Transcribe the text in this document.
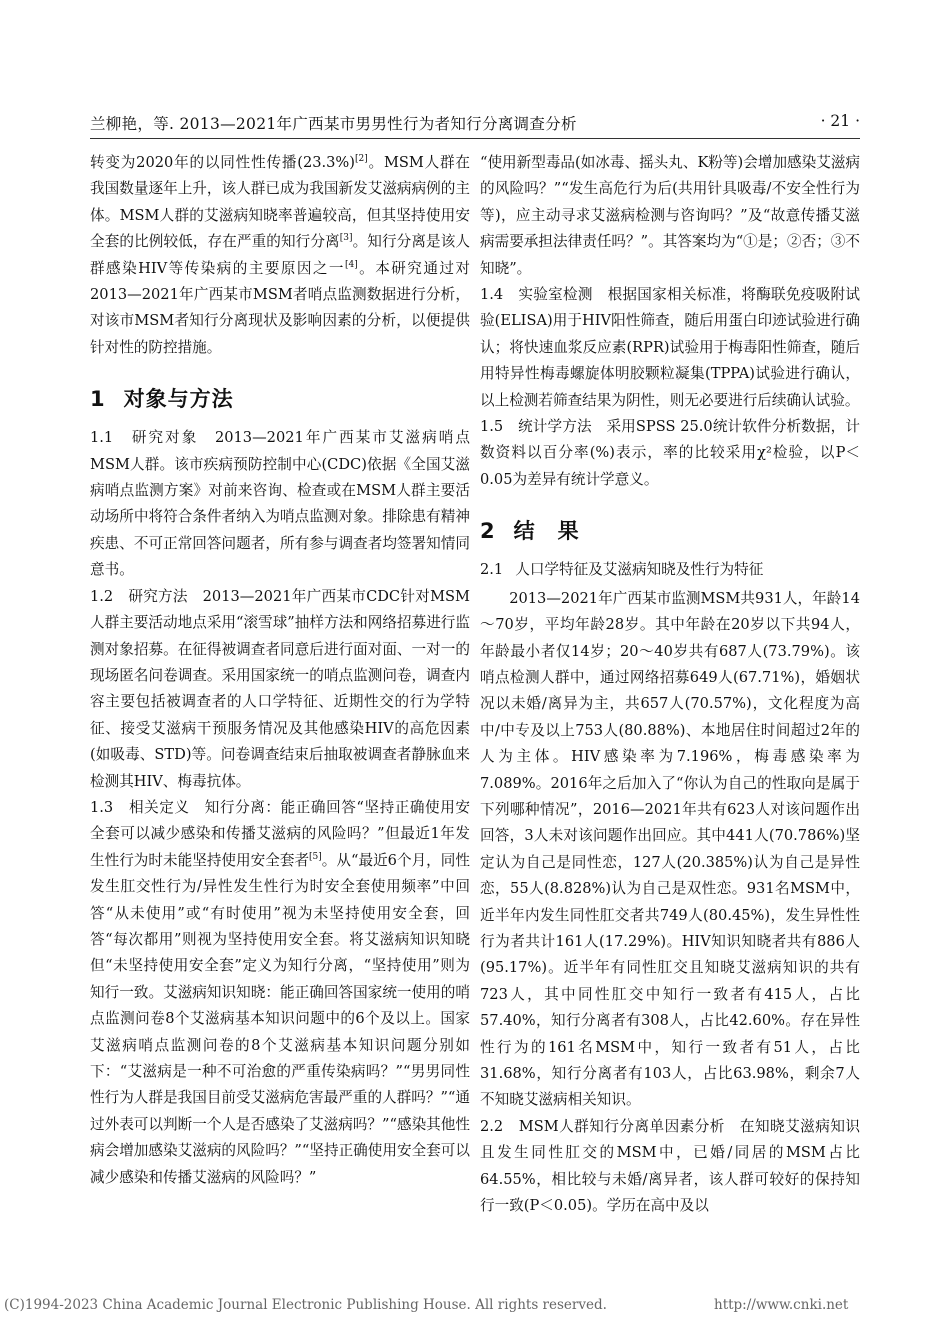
兰柳艳，等. 2013—2021年广西某市男男性行为者知行分离调查分析	· 21 ·

转变为2020年的以同性性传播(23.3%)[2]。MSM人群在我国数量逐年上升，该人群已成为我国新发艾滋病病例的主体。MSM人群的艾滋病知晓率普遍较高，但其坚持使用安全套的比例较低，存在严重的知行分离[3]。知行分离是该人群感染HIV等传染病的主要原因之一[4]。本研究通过对2013—2021年广西某市MSM者哨点监测数据进行分析，对该市MSM者知行分离现状及影响因素的分析，以便提供针对性的防控措施。

1 对象与方法

1.1　 研究对象　 2013—2021年广西某市艾滋病哨点MSM人群。该市疾病预防控制中心(CDC)依据《全国艾滋病哨点监测方案》对前来咨询、检查或在MSM人群主要活动场所中将符合条件者纳入为哨点监测对象。排除患有精神疾患、不可正常回答问题者，所有参与调查者均签署知情同意书。

1.2　 研究方法　 2013—2021年广西某市CDC针对MSM人群主要活动地点采用“滚雪球”抽样方法和网络招募进行监测对象招募。在征得被调查者同意后进行面对面、一对一的现场匿名问卷调查。采用国家统一的哨点监测问卷，调查内容主要包括被调查者的人口学特征、近期性交的行为学特征、接受艾滋病干预服务情况及其他感染HIV的高危因素(如吸毒、STD)等。问卷调查结束后抽取被调查者静脉血来检测其HIV、梅毒抗体。

1.3　 相关定义　 知行分离：能正确回答“坚持正确使用安全套可以减少感染和传播艾滋病的风险吗？”但最近1年发生性行为时未能坚持使用安全套者[5]。从“最近6个月，同性发生肛交性行为/异性发生性行为时安全套使用频率”中回答“从未使用”或“有时使用”视为未坚持使用安全套，回答“每次都用”则视为坚持使用安全套。将艾滋病知识知晓但“未坚持使用安全套”定义为知行分离，“坚持使用”则为知行一致。艾滋病知识知晓：能正确回答国家统一使用的哨点监测问卷8个艾滋病基本知识问题中的6个及以上。国家艾滋病哨点监测问卷的8个艾滋病基本知识问题分别如下：“艾滋病是一种不可治愈的严重传染病吗？”“男男同性性行为人群是我国目前受艾滋病危害最严重的人群吗？”“通过外表可以判断一个人是否感染了艾滋病吗？”“感染其他性病会增加感染艾滋病的风险吗？”“坚持正确使用安全套可以减少感染和传播艾滋病的风险吗？”

“使用新型毒品(如冰毒、摇头丸、K粉等)会增加感染艾滋病的风险吗？”“发生高危行为后(共用针具吸毒/不安全性行为等)，应主动寻求艾滋病检测与咨询吗？”及“故意传播艾滋病需要承担法律责任吗？”。其答案均为“①是；②否；③不知晓”。

1.4　 实验室检测　 根据国家相关标准，将酶联免疫吸附试验(ELISA)用于HIV阳性筛查，随后用蛋白印迹试验进行确认；将快速血浆反应素(RPR)试验用于梅毒阳性筛查，随后用特异性梅毒螺旋体明胶颗粒凝集(TPPA)试验进行确认，以上检测若筛查结果为阴性，则无必要进行后续确认试验。

1.5　 统计学方法　 采用SPSS 25.0统计软件分析数据，计数资料以百分率(%)表示，率的比较采用χ²检验，以P＜0.05为差异有统计学意义。

2 结　果
2.1 人口学特征及艾滋病知晓及性行为特征

2013—2021年广西某市监测MSM共931人，年龄14～70岁，平均年龄28岁。其中年龄在20岁以下共94人，年龄最小者仅14岁；20～40岁共有687人(73.79%)。该哨点检测人群中，通过网络招募649人(67.71%)，婚姻状况以未婚/离异为主，共657人(70.57%)，文化程度为高中/中专及以上753人(80.88%)、本地居住时间超过2年的人为主体。HIV感染率为7.196%，梅毒感染率为7.089%。2016年之后加入了“你认为自己的性取向是属于下列哪种情况”，2016—2021年共有623人对该问题作出回答，3人未对该问题作出回应。其中441人(70.786%)坚定认为自己是同性恋，127人(20.385%)认为自己是异性恋，55人(8.828%)认为自己是双性恋。931名MSM中，近半年内发生同性肛交者共749人(80.45%)，发生异性性行为者共计161人(17.29%)。HIV知识知晓者共有886人(95.17%)。近半年有同性肛交且知晓艾滋病知识的共有723人，其中同性肛交中知行一致者有415人，占比57.40%，知行分离者有308人，占比42.60%。存在异性性行为的161名MSM中，知行一致者有51人，占比31.68%，知行分离者有103人，占比63.98%，剩余7人不知晓艾滋病相关知识。

2.2　 MSM人群知行分离单因素分析　 在知晓艾滋病知识且发生同性肛交的MSM中，已婚/同居的MSM占比64.55%，相比较与未婚/离异者，该人群可较好的保持知行一致(P＜0.05)。学历在高中及以

(C)1994-2023 China Academic Journal Electronic Publishing House. All rights reserved.	http://www.cnki.net
